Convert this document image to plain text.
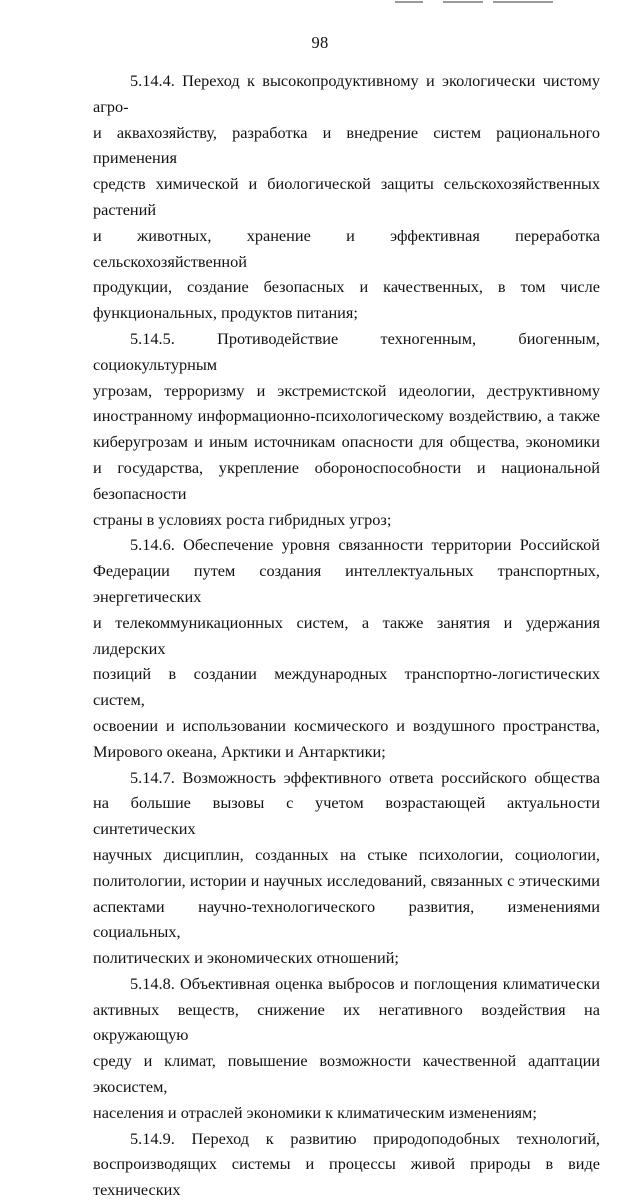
98
5.14.4. Переход к высокопродуктивному и экологически чистому агро-
и аквахозяйству, разработка и внедрение систем рационального применения
средств химической и биологической защиты сельскохозяйственных растений
и животных, хранение и эффективная переработка сельскохозяйственной
продукции, создание безопасных и качественных, в том числе
функциональных, продуктов питания;
5.14.5. Противодействие техногенным, биогенным, социокультурным
угрозам, терроризму и экстремистской идеологии, деструктивному
иностранному информационно-психологическому воздействию, а также
киберугрозам и иным источникам опасности для общества, экономики
и государства, укрепление обороноспособности и национальной безопасности
страны в условиях роста гибридных угроз;
5.14.6. Обеспечение уровня связанности территории Российской
Федерации путем создания интеллектуальных транспортных, энергетических
и телекоммуникационных систем, а также занятия и удержания лидерских
позиций в создании международных транспортно-логистических систем,
освоении и использовании космического и воздушного пространства,
Мирового океана, Арктики и Антарктики;
5.14.7. Возможность эффективного ответа российского общества
на большие вызовы с учетом возрастающей актуальности синтетических
научных дисциплин, созданных на стыке психологии, социологии,
политологии, истории и научных исследований, связанных с этическими
аспектами научно-технологического развития, изменениями социальных,
политических и экономических отношений;
5.14.8. Объективная оценка выбросов и поглощения климатически
активных веществ, снижение их негативного воздействия на окружающую
среду и климат, повышение возможности качественной адаптации экосистем,
населения и отраслей экономики к климатическим изменениям;
5.14.9. Переход к развитию природоподобных технологий,
воспроизводящих системы и процессы живой природы в виде технических
